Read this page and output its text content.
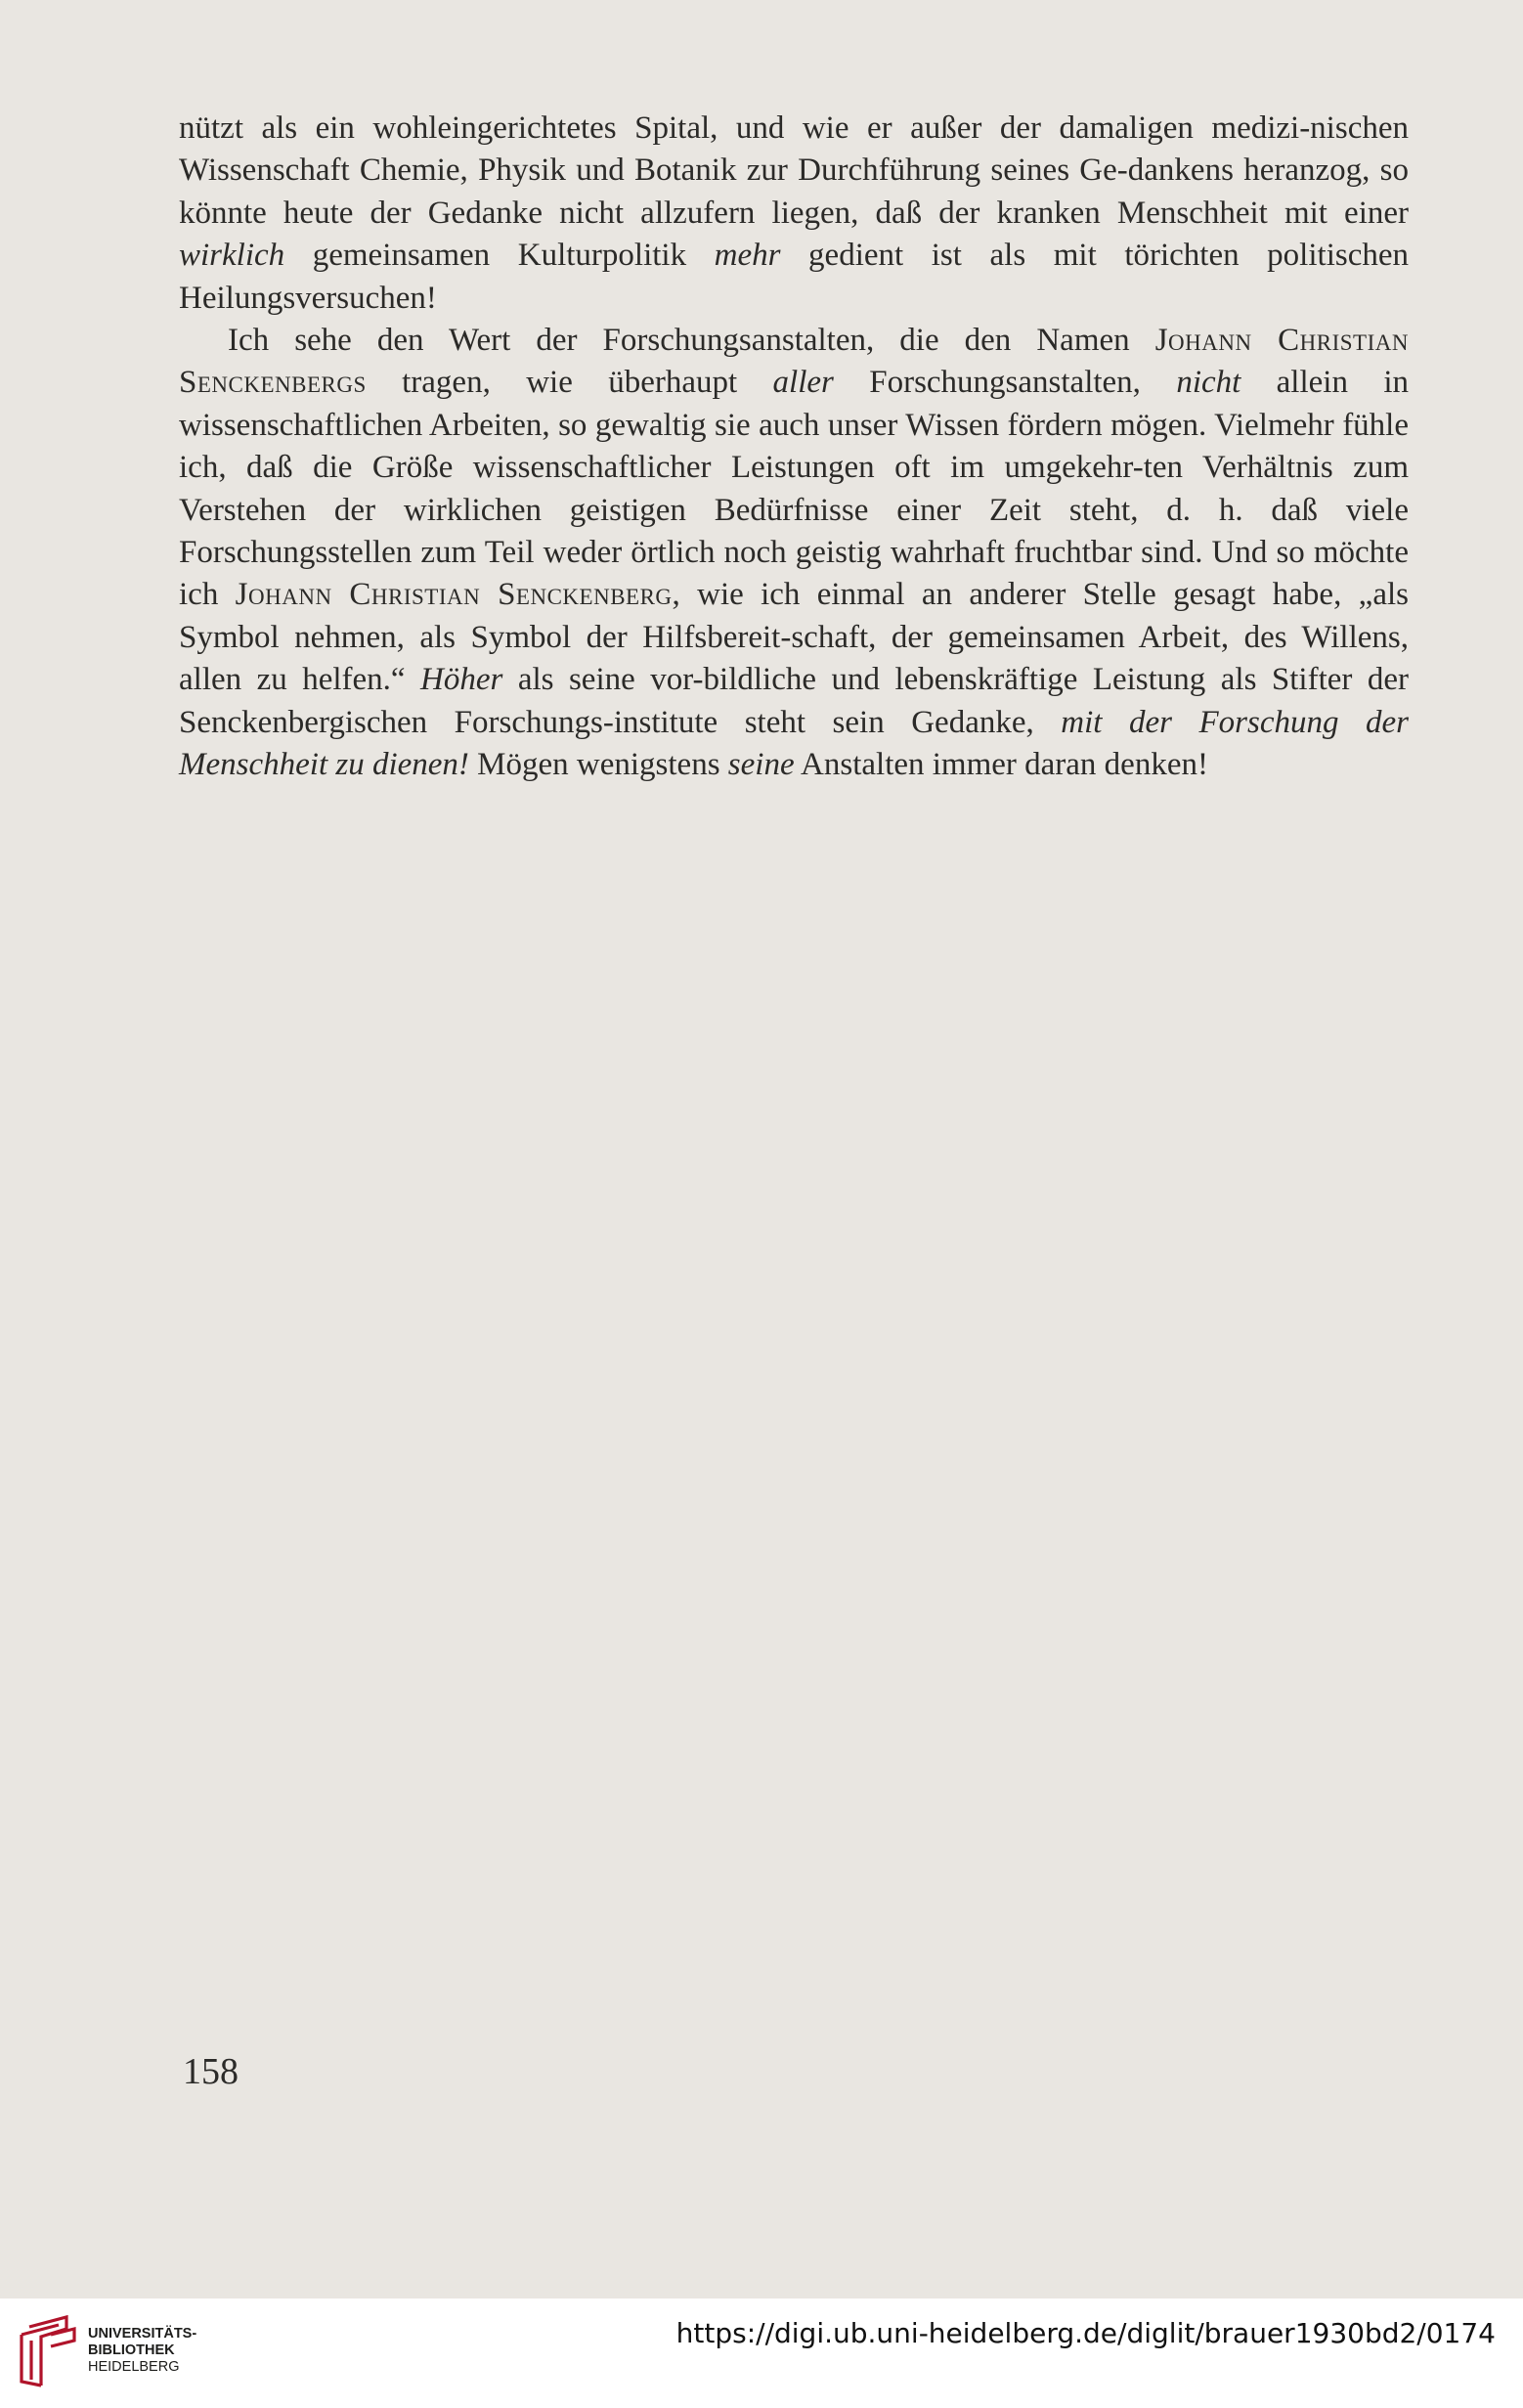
nützt als ein wohleingerichtetes Spital, und wie er außer der damaligen medizi-nischen Wissenschaft Chemie, Physik und Botanik zur Durchführung seines Ge-dankens heranzog, so könnte heute der Gedanke nicht allzufern liegen, daß der kranken Menschheit mit einer wirklich gemeinsamen Kulturpolitik mehr gedient ist als mit törichten politischen Heilungsversuchen!

Ich sehe den Wert der Forschungsanstalten, die den Namen Johann Christian Senckenbergs tragen, wie überhaupt aller Forschungsanstalten, nicht allein in wissenschaftlichen Arbeiten, so gewaltig sie auch unser Wissen fördern mögen. Vielmehr fühle ich, daß die Größe wissenschaftlicher Leistungen oft im umgekehr-ten Verhältnis zum Verstehen der wirklichen geistigen Bedürfnisse einer Zeit steht, d. h. daß viele Forschungsstellen zum Teil weder örtlich noch geistig wahrhaft fruchtbar sind. Und so möchte ich Johann Christian Senckenberg, wie ich einmal an anderer Stelle gesagt habe, „als Symbol nehmen, als Symbol der Hilfsbereit-schaft, der gemeinsamen Arbeit, des Willens, allen zu helfen.“ Höher als seine vor-bildliche und lebenskräftige Leistung als Stifter der Senckenbergischen Forschungs-institute steht sein Gedanke, mit der Forschung der Menschheit zu dienen! Mögen wenigstens seine Anstalten immer daran denken!

158
UNIVERSITÄTS-
BIBLIOTHEK
HEIDELBERG
https://digi.ub.uni-heidelberg.de/diglit/brauer1930bd2/0174
